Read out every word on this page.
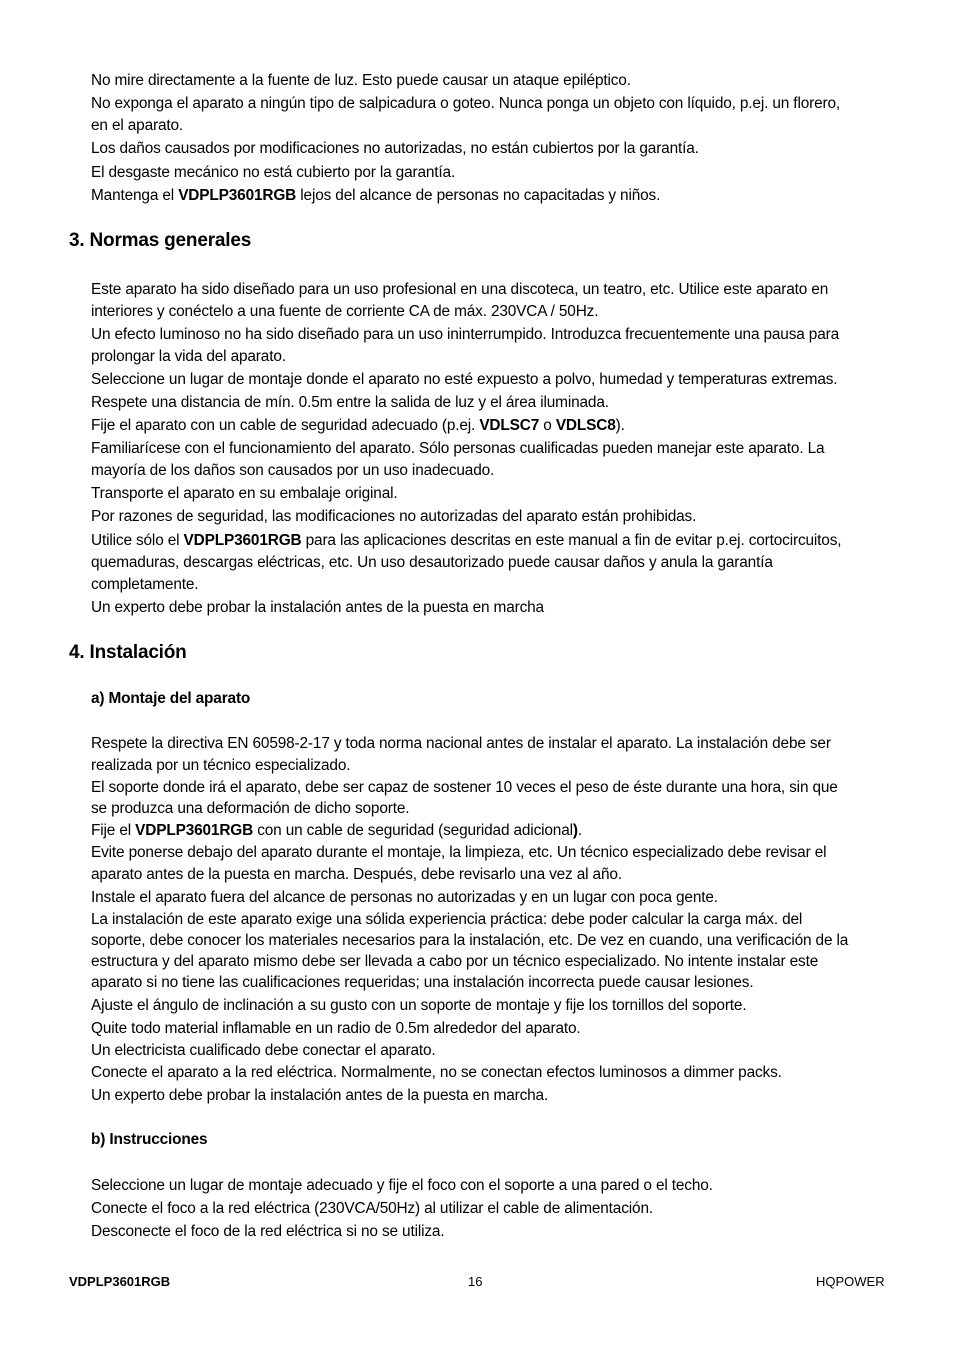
No mire directamente a la fuente de luz. Esto puede causar un ataque epiléptico.
No exponga el aparato a ningún tipo de salpicadura o goteo. Nunca ponga un objeto con líquido, p.ej. un florero,
en el aparato.
Los daños causados por modificaciones no autorizadas, no están cubiertos por la garantía.
El desgaste mecánico no está cubierto por la garantía.
Mantenga el VDPLP3601RGB lejos del alcance de personas no capacitadas y niños.
3. Normas generales
Este aparato ha sido diseñado para un uso profesional en una discoteca, un teatro, etc. Utilice este aparato en
interiores y conéctelo a una fuente de corriente CA de máx. 230VCA / 50Hz.
Un efecto luminoso no ha sido diseñado para un uso ininterrumpido. Introduzca frecuentemente una pausa para
prolongar la vida del aparato.
Seleccione un lugar de montaje donde el aparato no esté expuesto a polvo, humedad y temperaturas extremas.
Respete una distancia de mín. 0.5m entre la salida de luz y el área iluminada.
Fije el aparato con un cable de seguridad adecuado (p.ej. VDLSC7 o VDLSC8).
Familiarícese con el funcionamiento del aparato. Sólo personas cualificadas pueden manejar este aparato. La
mayoría de los daños son causados por un uso inadecuado.
Transporte el aparato en su embalaje original.
Por razones de seguridad, las modificaciones no autorizadas del aparato están prohibidas.
Utilice sólo el VDPLP3601RGB para las aplicaciones descritas en este manual a fin de evitar p.ej. cortocircuitos,
quemaduras, descargas eléctricas, etc. Un uso desautorizado puede causar daños y anula la garantía
completamente.
Un experto debe probar la instalación antes de la puesta en marcha
4. Instalación
a) Montaje del aparato
Respete la directiva EN 60598-2-17 y toda norma nacional antes de instalar el aparato. La instalación debe ser
realizada por un técnico especializado.
El soporte donde irá el aparato, debe ser capaz de sostener 10 veces el peso de éste durante una hora, sin que
se produzca una deformación de dicho soporte.
Fije el VDPLP3601RGB con un cable de seguridad (seguridad adicional).
Evite ponerse debajo del aparato durante el montaje, la limpieza, etc. Un técnico especializado debe revisar el
aparato antes de la puesta en marcha. Después, debe revisarlo una vez al año.
Instale el aparato fuera del alcance de personas no autorizadas y en un lugar con poca gente.
La instalación de este aparato exige una sólida experiencia práctica: debe poder calcular la carga máx. del
soporte, debe conocer los materiales necesarios para la instalación, etc. De vez en cuando, una verificación de la
estructura y del aparato mismo debe ser llevada a cabo por un técnico especializado. No intente instalar este
aparato si no tiene las cualificaciones requeridas; una instalación incorrecta puede causar lesiones.
Ajuste el ángulo de inclinación a su gusto con un soporte de montaje y fije los tornillos del soporte.
Quite todo material inflamable en un radio de 0.5m alrededor del aparato.
Un electricista cualificado debe conectar el aparato.
Conecte el aparato a la red eléctrica. Normalmente, no se conectan efectos luminosos a dimmer packs.
Un experto debe probar la instalación antes de la puesta en marcha.
b) Instrucciones
Seleccione un lugar de montaje adecuado y fije el foco con el soporte a una pared o el techo.
Conecte el foco a la red eléctrica (230VCA/50Hz) al utilizar el cable de alimentación.
Desconecte el foco de la red eléctrica si no se utiliza.
VDPLP3601RGB	16	HQPOWER
